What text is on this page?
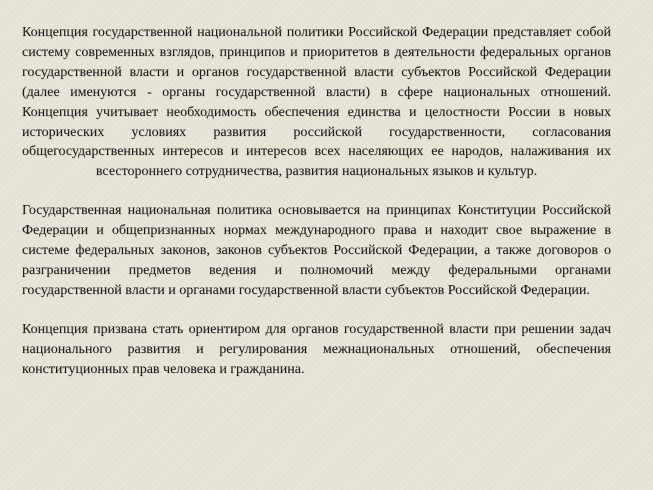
Концепция государственной национальной политики Российской Федерации представляет собой систему современных взглядов, принципов и приоритетов в деятельности федеральных органов государственной власти и органов государственной власти субъектов Российской Федерации (далее именуются - органы государственной власти) в сфере национальных отношений. Концепция учитывает необходимость обеспечения единства и целостности России в новых исторических условиях развития российской государственности, согласования общегосударственных интересов и интересов всех населяющих ее народов, налаживания их всестороннего сотрудничества, развития национальных языков и культур.

Государственная национальная политика основывается на принципах Конституции Российской Федерации и общепризнанных нормах международного права и находит свое выражение в системе федеральных законов, законов субъектов Российской Федерации, а также договоров о разграничении предметов ведения и полномочий между федеральными органами государственной власти и органами государственной власти субъектов Российской Федерации.

Концепция призвана стать ориентиром для органов государственной власти при решении задач национального развития и регулирования межнациональных отношений, обеспечения конституционных прав человека и гражданина.
